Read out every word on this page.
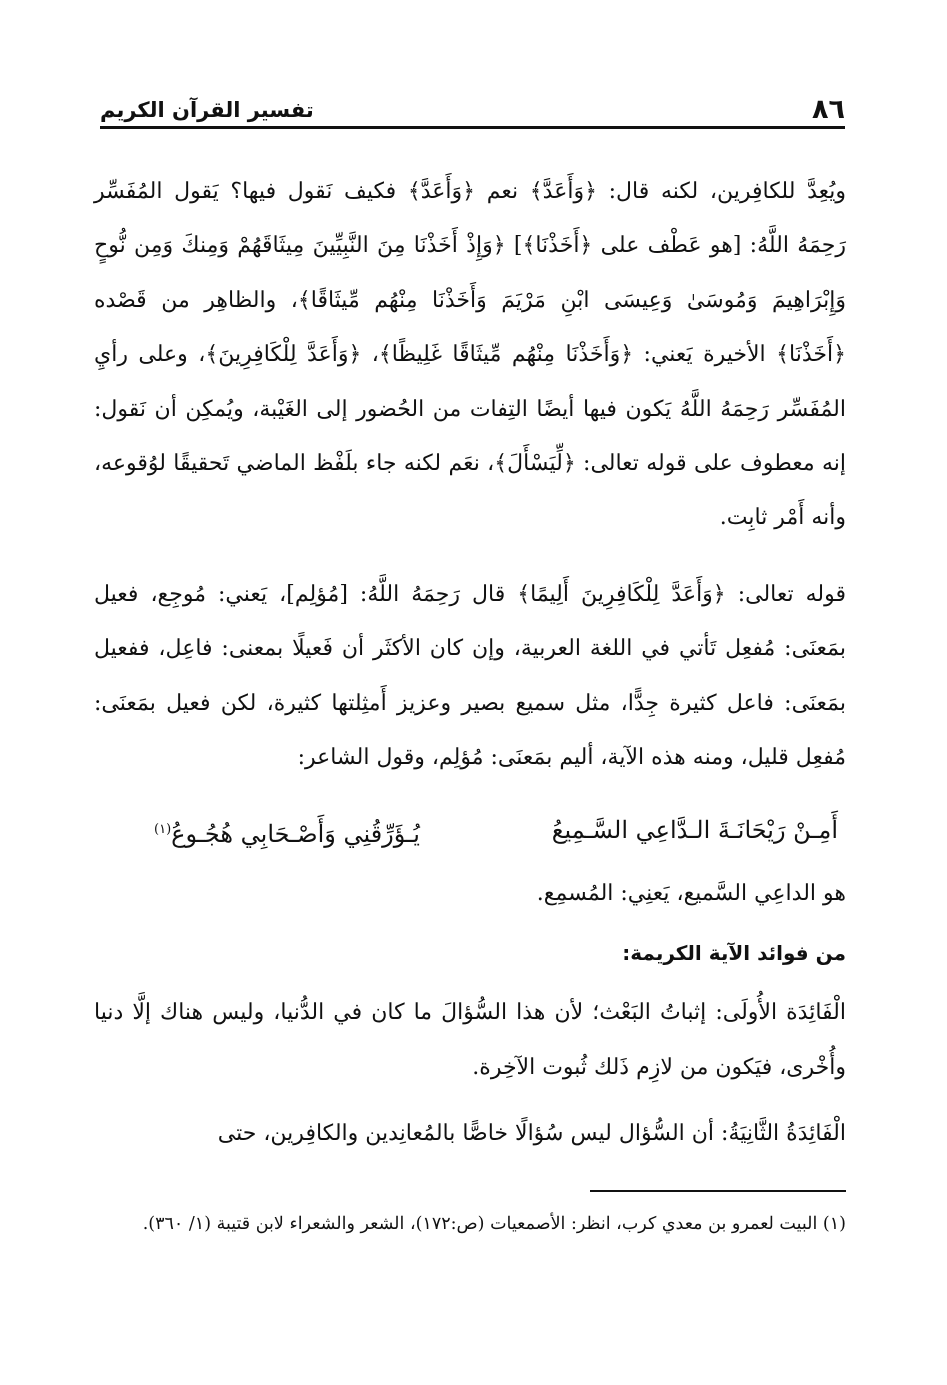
٨٦
تفسير القرآن الكريم

ويُعِدَّ للكافِرين، لكنه قال: ﴿وَأَعَدَّ﴾ نعم ﴿وَأَعَدَّ﴾ فكيف نَقول فيها؟ يَقول المُفَسِّر رَحِمَهُ اللَّهُ: [هو عَطْف على ﴿أَخَذْنَا﴾] ﴿وَإِذْ أَخَذْنَا مِنَ النَّبِيِّينَ مِيثَاقَهُمْ وَمِنكَ وَمِن نُّوحٍ وَإِبْرَاهِيمَ وَمُوسَىٰ وَعِيسَى ابْنِ مَرْيَمَ وَأَخَذْنَا مِنْهُم مِّيثَاقًا﴾، والظاهِر من قَصْده ﴿أَخَذْنَا﴾ الأخيرة يَعني: ﴿وَأَخَذْنَا مِنْهُم مِّيثَاقًا غَلِيظًا﴾، ﴿وَأَعَدَّ لِلْكَافِرِينَ﴾، وعلى رأيِ المُفَسِّر رَحِمَهُ اللَّهُ يَكون فيها أيضًا التِفات من الحُضور إلى الغَيْبة، ويُمكِن أن نَقول: إنه معطوف على قوله تعالى: ﴿لِّيَسْأَلَ﴾، نعَم لكنه جاء بلَفْظ الماضي تَحقيقًا لوُقوعه، وأنه أَمْر ثابِت.

قوله تعالى: ﴿وَأَعَدَّ لِلْكَافِرِينَ أَلِيمًا﴾ قال رَحِمَهُ اللَّهُ: [مُؤلِم]، يَعني: مُوجِع، فعيل بمَعنَى: مُفعِل تَأتي في اللغة العربية، وإن كان الأكثَر أن فَعيلًا بمعنى: فاعِل، ففعيل بمَعنَى: فاعل كثيرة جِدًّا، مثل سميع بصير وعزيز أَمثِلتها كثيرة، لكن فعيل بمَعنَى: مُفعِل قليل، ومنه هذه الآية، أليم بمَعنَى: مُؤلِم، وقول الشاعر:

أَمِـنْ رَيْحَانَـةَ الـدَّاعِي السَّـمِيعُ
يُـؤَرِّقُنِي وَأَصْـحَابِي هُجُـوعُ$^{(١)}$

هو الداعِي السَّميع، يَعنِي: المُسمِع.

من فوائد الآية الكريمة:

الْفَائِدَة الأُولَى: إثباتُ البَعْث؛ لأن هذا السُّؤالَ ما كان في الدُّنيا، وليس هناك إلَّا دنيا وأُخْرى، فيَكون من لازِم ذَلك ثُبوت الآخِرة.

الْفَائِدَةُ الثَّانِيَةُ: أن السُّؤال ليس سُؤالًا خاصًّا بالمُعانِدين والكافِرين، حتى

(١) البيت لعمرو بن معدي كرب، انظر: الأصمعيات (ص:١٧٢)، الشعر والشعراء لابن قتيبة (١/ ٣٦٠).
